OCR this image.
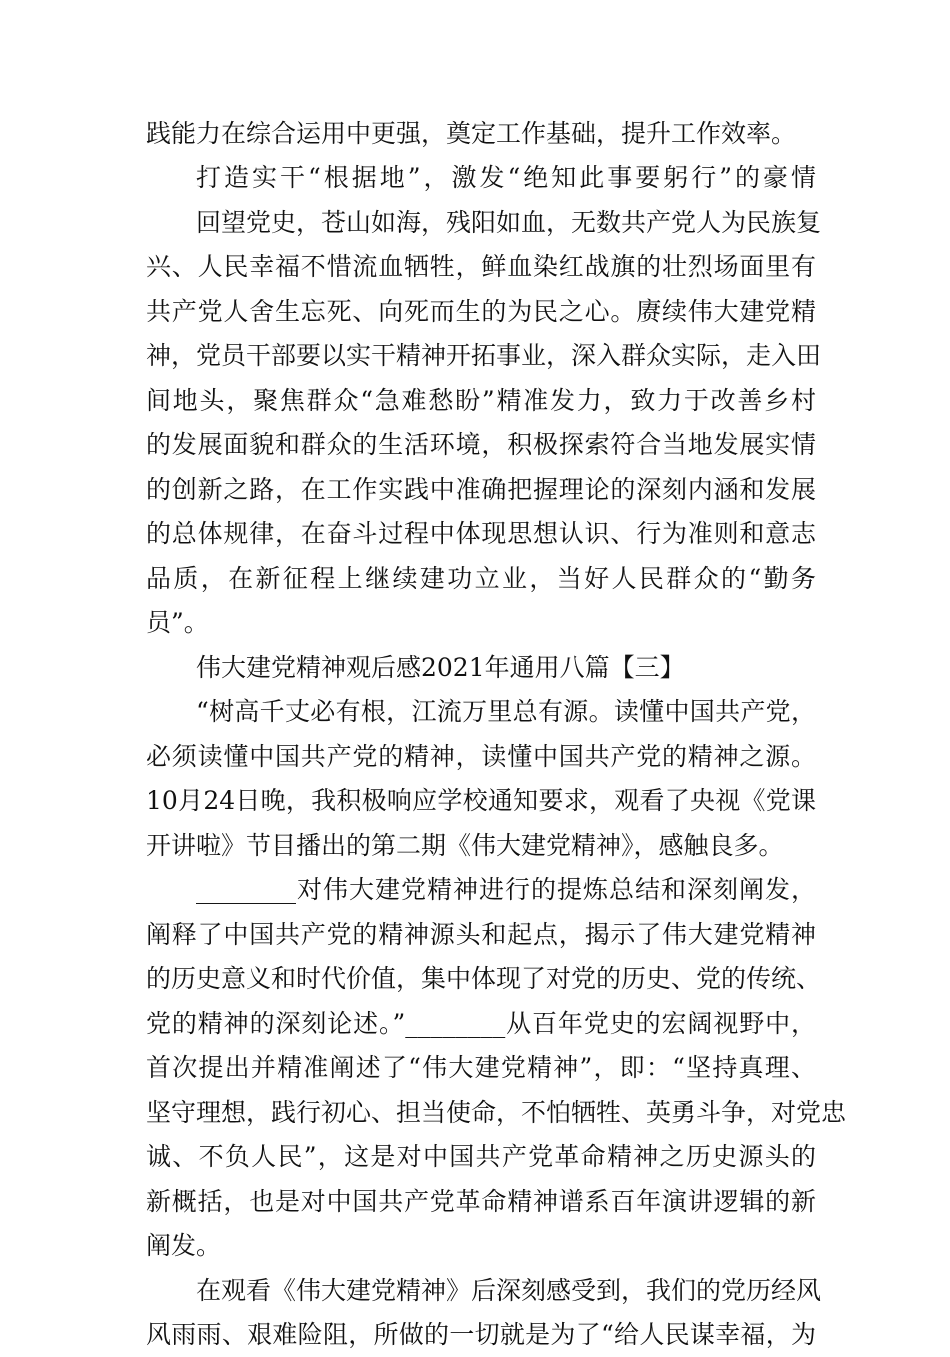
践能力在综合运用中更强，奠定工作基础，提升工作效率。
打造实干“根据地”，激发“绝知此事要躬行”的豪情
回望党史，苍山如海，残阳如血，无数共产党人为民族复
兴、人民幸福不惜流血牺牲，鲜血染红战旗的壮烈场面里有
共产党人舍生忘死、向死而生的为民之心。赓续伟大建党精
神，党员干部要以实干精神开拓事业，深入群众实际，走入田
间地头，聚焦群众“急难愁盼”精准发力，致力于改善乡村
的发展面貌和群众的生活环境，积极探索符合当地发展实情
的创新之路，在工作实践中准确把握理论的深刻内涵和发展
的总体规律，在奋斗过程中体现思想认识、行为准则和意志
品质，在新征程上继续建功立业，当好人民群众的“勤务
员”。
伟大建党精神观后感2021年通用八篇【三】
“树高千丈必有根，江流万里总有源。读懂中国共产党，
必须读懂中国共产党的精神，读懂中国共产党的精神之源。
10月24日晚，我积极响应学校通知要求，观看了央视《党课
开讲啦》节目播出的第二期《伟大建党精神》，感触良多。
________对伟大建党精神进行的提炼总结和深刻阐发，
阐释了中国共产党的精神源头和起点，揭示了伟大建党精神
的历史意义和时代价值，集中体现了对党的历史、党的传统、
党的精神的深刻论述。”________从百年党史的宏阔视野中，
首次提出并精准阐述了“伟大建党精神”，即：“坚持真理、
坚守理想，践行初心、担当使命，不怕牺牲、英勇斗争，对党忠
诚、不负人民”，这是对中国共产党革命精神之历史源头的
新概括，也是对中国共产党革命精神谱系百年演讲逻辑的新
阐发。
在观看《伟大建党精神》后深刻感受到，我们的党历经风
风雨雨、艰难险阻，所做的一切就是为了“给人民谋幸福，为
